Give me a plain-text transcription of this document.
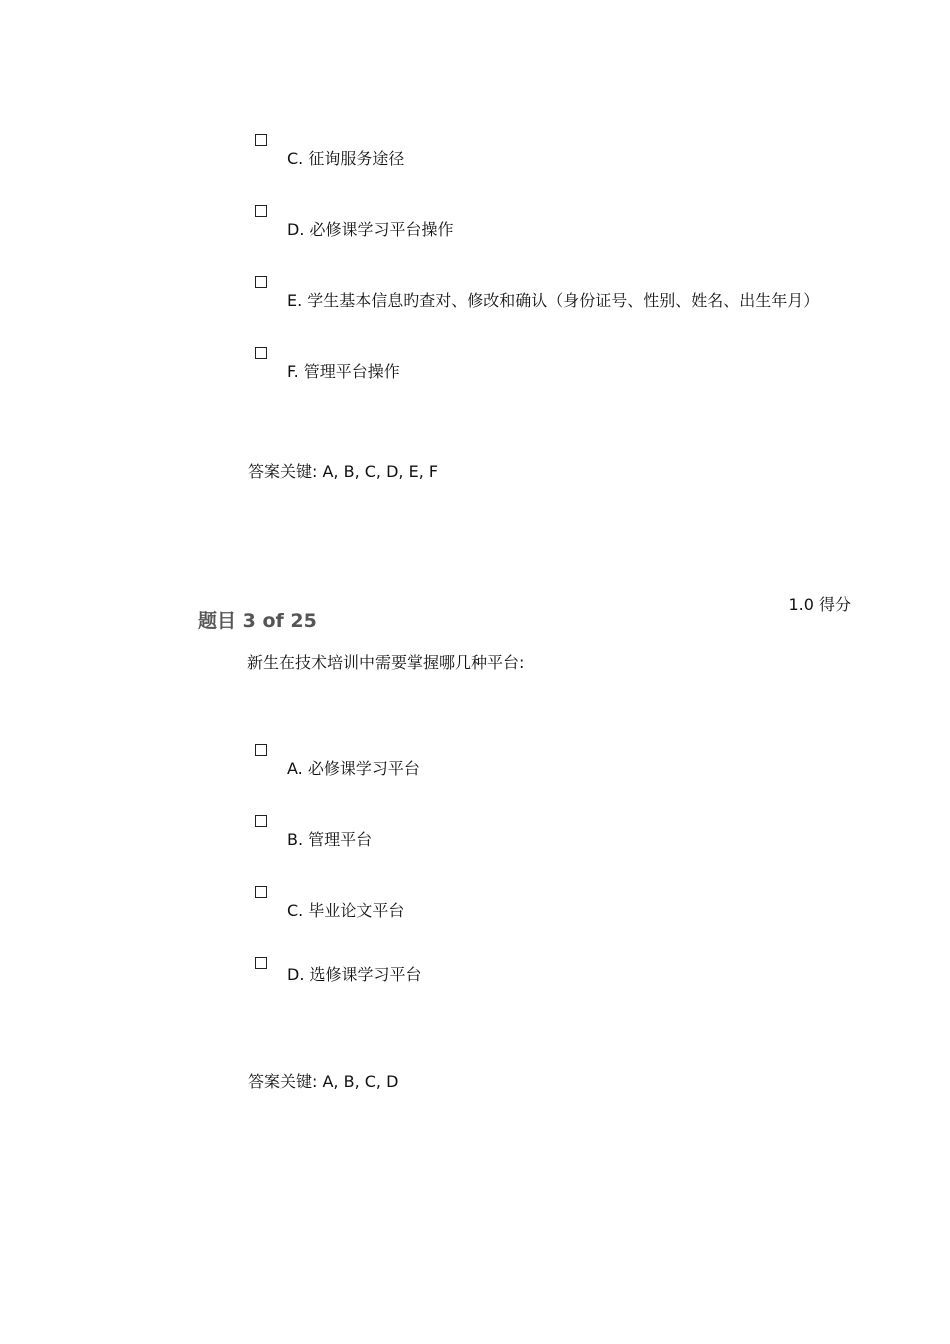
C. 征询服务途径
D. 必修课学习平台操作
E. 学生基本信息旳查对、修改和确认（身份证号、性别、姓名、出生年月）
F. 管理平台操作
答案关键: A, B, C, D, E, F
1.0 得分
题目 3 of 25
新生在技术培训中需要掌握哪几种平台:
A. 必修课学习平台
B. 管理平台
C. 毕业论文平台
D. 选修课学习平台
答案关键: A, B, C, D
